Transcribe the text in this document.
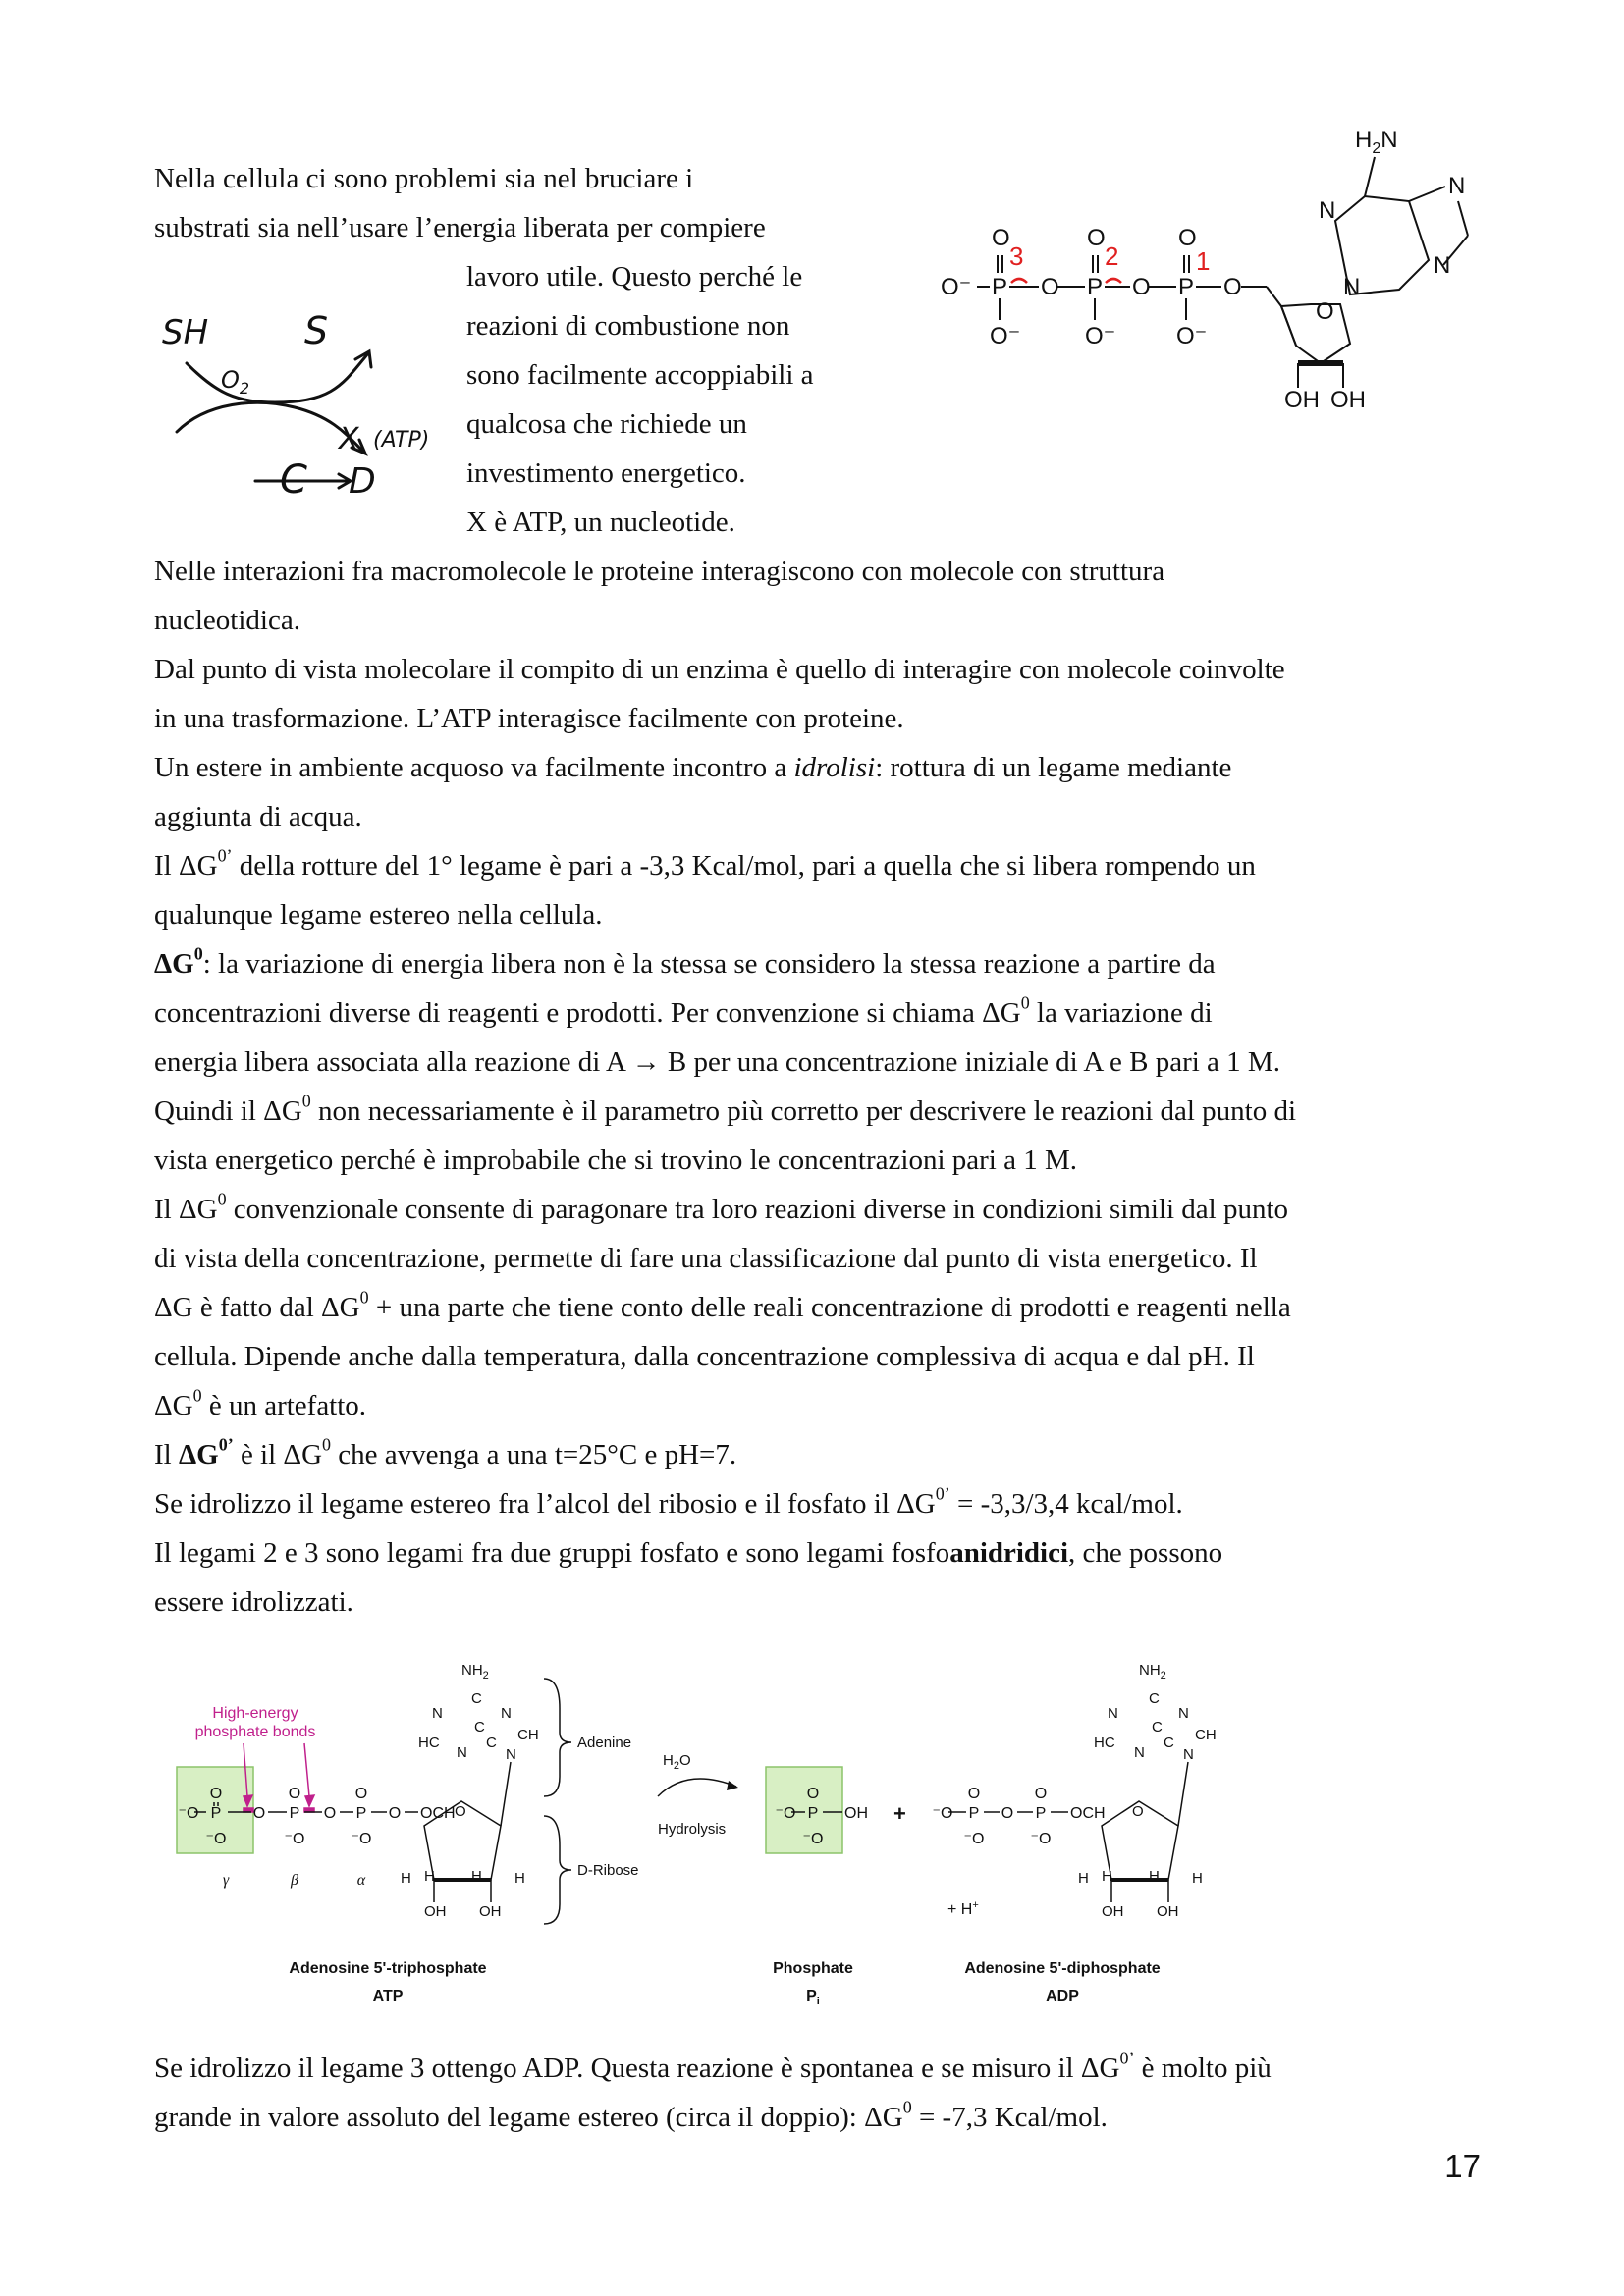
Nella cellula ci sono problemi sia nel bruciare i

substrati sia nell’usare l’energia liberata per compiere

lavoro utile. Questo perché le
reazioni di combustione non
sono facilmente accoppiabili a
qualcosa che richiede un
investimento energetico.
X è ATP, un nucleotide.
SH	S
$O_2$
X (ATP)
C D
$H_2N$
N
N
N
N
O	O	O
O⁻ P O P O P O
O⁻	O⁻	O⁻
O
OH OH
3	2	1
Nelle interazioni fra macromolecole le proteine interagiscono con molecole con struttura
nucleotidica.
Dal punto di vista molecolare il compito di un enzima è quello di interagire con molecole coinvolte
in una trasformazione. L’ATP interagisce facilmente con proteine.
Un estere in ambiente acquoso va facilmente incontro a idrolisi: rottura di un legame mediante
aggiunta di acqua.
Il $\Delta G^{0’}$ della rotture del 1° legame è pari a -3,3 Kcal/mol, pari a quella che si libera rompendo un
qualunque legame estereo nella cellula.
$\Delta G^0$: la variazione di energia libera non è la stessa se considero la stessa reazione a partire da
concentrazioni diverse di reagenti e prodotti. Per convenzione si chiama $\Delta G^0$ la variazione di
energia libera associata alla reazione di A → B per una concentrazione iniziale di A e B pari a 1 M.
Quindi il $\Delta G^0$ non necessariamente è il parametro più corretto per descrivere le reazioni dal punto di
vista energetico perché è improbabile che si trovino le concentrazioni pari a 1 M.
Il $\Delta G^0$ convenzionale consente di paragonare tra loro reazioni diverse in condizioni simili dal punto
di vista della concentrazione, permette di fare una classificazione dal punto di vista energetico. Il
ΔG è fatto dal $\Delta G^0$ + una parte che tiene conto delle reali concentrazione di prodotti e reagenti nella
cellula. Dipende anche dalla temperatura, dalla concentrazione complessiva di acqua e dal pH. Il
$\Delta G^0$ è un artefatto.
Il $\Delta G^{0’}$ è il $\Delta G^0$ che avvenga a una t=25°C e pH=7.
Se idrolizzo il legame estereo fra l’alcol del ribosio e il fosfato il $\Delta G^{0’} = -3,3/3,4$ kcal/mol.
Il legami 2 e 3 sono legami fra due gruppi fosfato e sono legami fosfoanidridici, che possono
essere idrolizzati.
High-energy
phosphate bonds
O	O	O
⁻O P O P O P O OCH
⁻O	⁻O	⁻O
γ	β	α
$NH_2$
N
C
N
CH
HC
N
C
C
N
O
H H H H
OH OH
Adenine
D-Ribose
$H_2O$
Hydrolysis
O
⁻O P OH
⁻O
+
+ H+
O	O
⁻O P O P OCH
⁻O	⁻O
$NH_2$
N
C
N
CH
HC
N
C
C
N
O
H H H H
OH OH
Adenosine 5'-triphosphate
ATP
Phosphate
$P_i$
Adenosine 5'-diphosphate
ADP
Se idrolizzo il legame 3 ottengo ADP. Questa reazione è spontanea e se misuro il $\Delta G^{0’}$ è molto più
grande in valore assoluto del legame estereo (circa il doppio): $\Delta G^0 = -7,3$ Kcal/mol.
17
